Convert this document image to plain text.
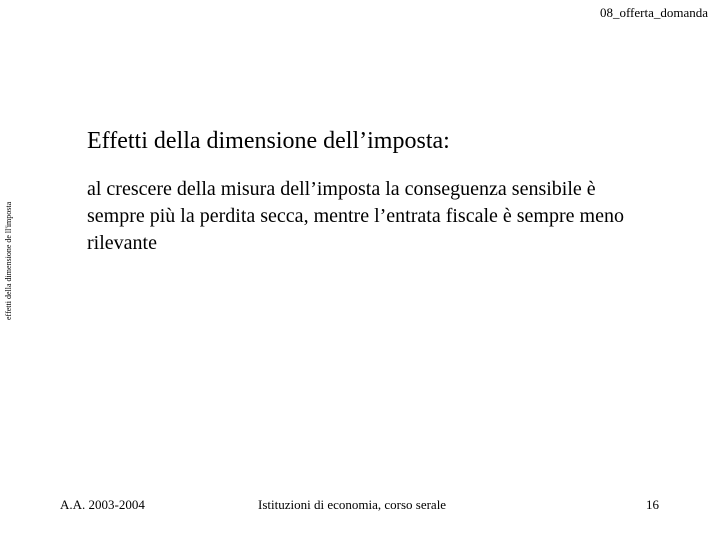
08_offerta_domanda
effetti della dimensione de ll'imposta
Effetti della dimensione dell’imposta:
al crescere della misura dell’imposta la conseguenza sensibile è sempre più la perdita secca, mentre l’entrata fiscale è sempre meno rilevante
A.A. 2003-2004	Istituzioni di economia, corso serale	16
